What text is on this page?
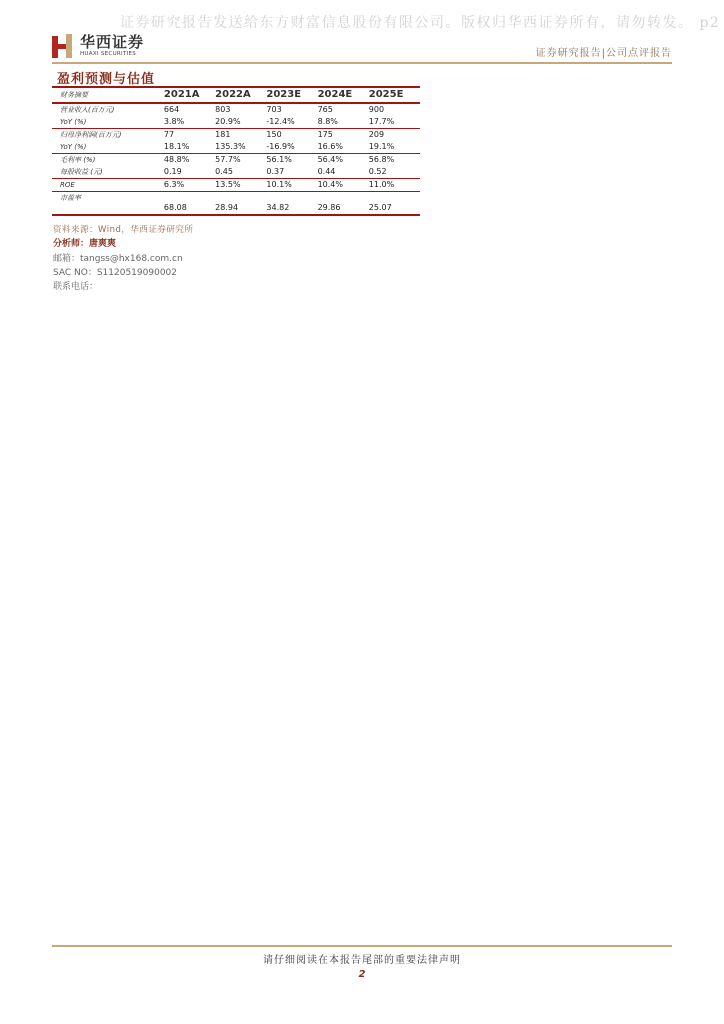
证券研究报告发送给东方财富信息股份有限公司。版权归华西证券所有，请勿转发。 p2
华西证券
HUAXI SECURITIES	证券研究报告|公司点评报告
盈利预测与估值
财务摘要	2021A	2022A	2023E	2024E	2025E
营业收入(百万元)	664	803	703	765	900
YoY (%)	3.8%	20.9%	-12.4%	8.8%	17.7%
归母净利润(百万元)	77	181	150	175	209
YoY (%)	18.1%	135.3%	-16.9%	16.6%	19.1%
毛利率 (%)	48.8%	57.7%	56.1%	56.4%	56.8%
每股收益 (元)	0.19	0.45	0.37	0.44	0.52
ROE	6.3%	13.5%	10.1%	10.4%	11.0%
市盈率	68.08	28.94	34.82	29.86	25.07
资料来源：Wind，华西证券研究所
分析师：唐爽爽
邮箱：tangss@hx168.com.cn
SAC NO：S1120519090002
联系电话：
请仔细阅读在本报告尾部的重要法律声明
2
